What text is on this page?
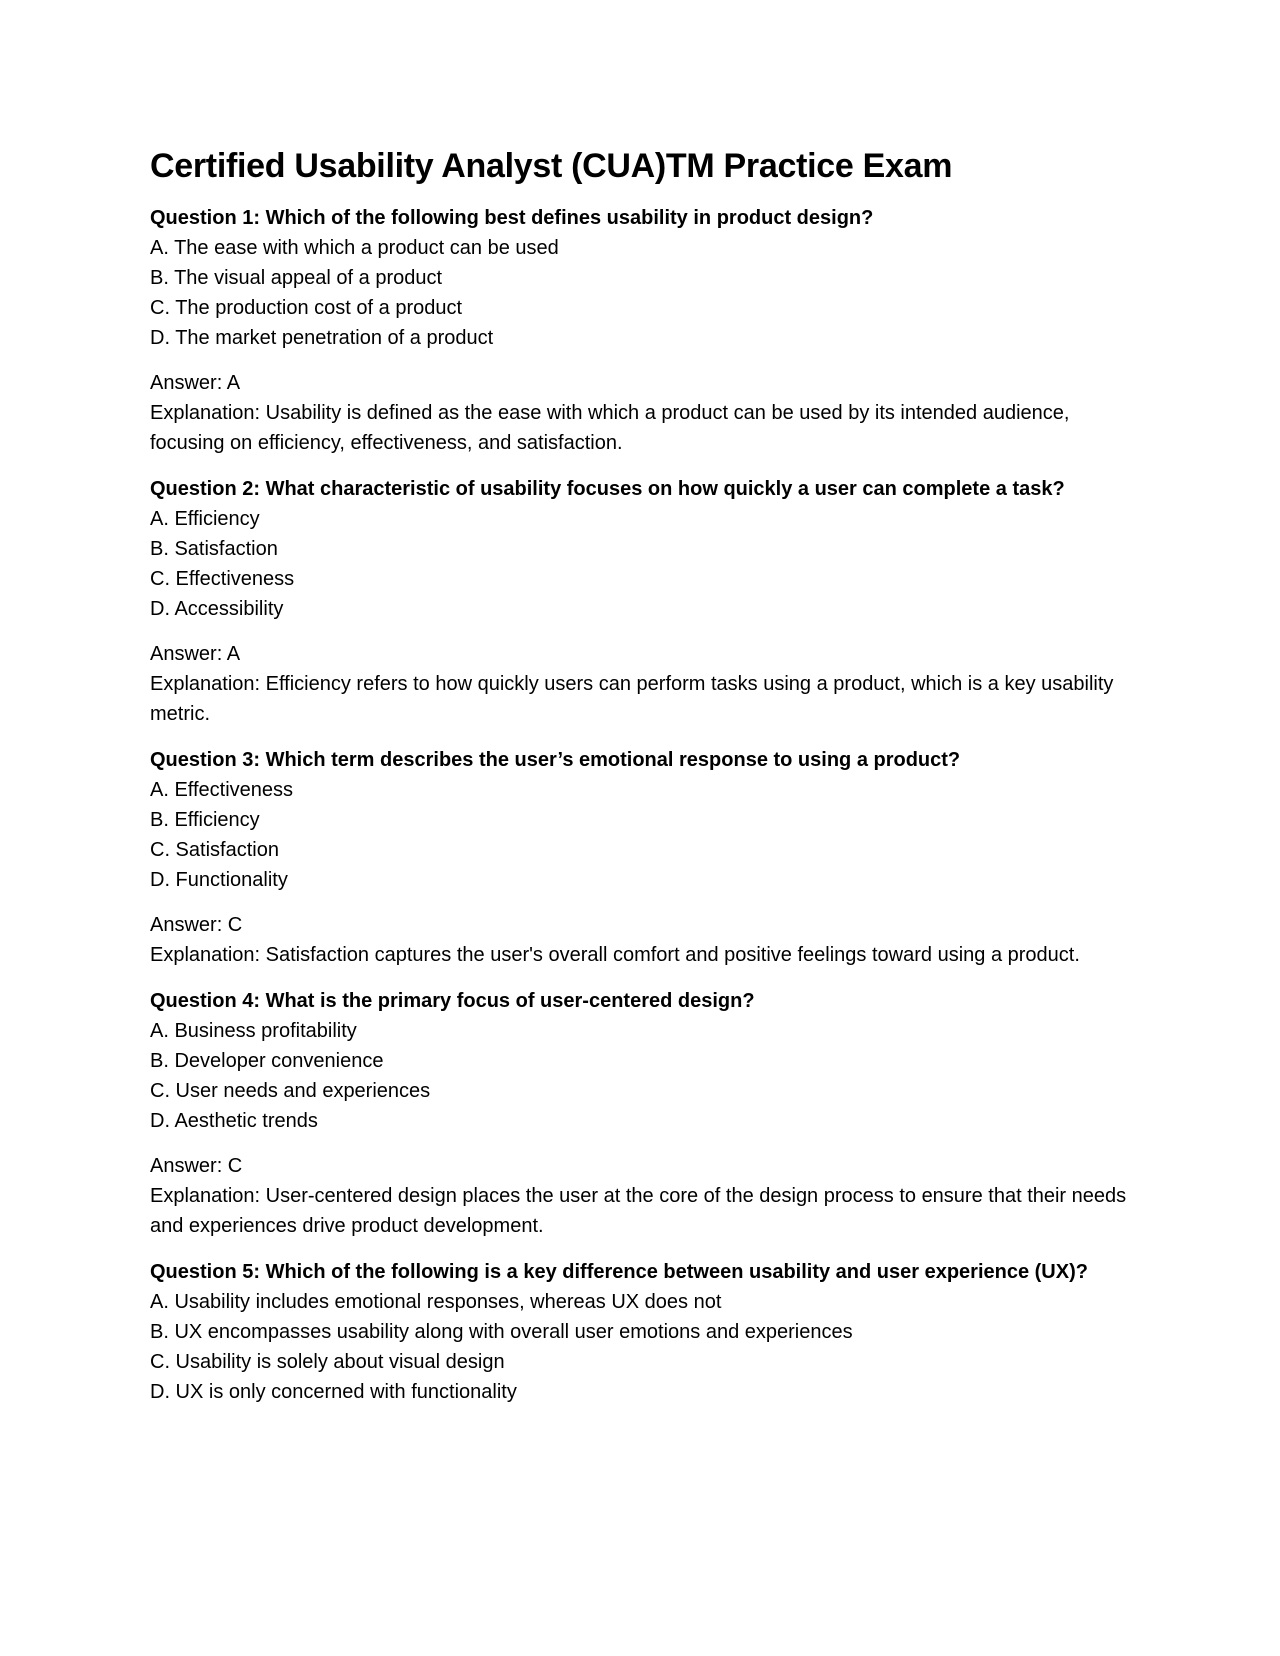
Certified Usability Analyst (CUA)TM Practice Exam

Question 1: Which of the following best defines usability in product design?

A. The ease with which a product can be used

B. The visual appeal of a product

C. The production cost of a product

D. The market penetration of a product

Answer: A

Explanation: Usability is defined as the ease with which a product can be used by its intended audience, focusing on efficiency, effectiveness, and satisfaction.

Question 2: What characteristic of usability focuses on how quickly a user can complete a task?

A. Efficiency

B. Satisfaction

C. Effectiveness

D. Accessibility

Answer: A

Explanation: Efficiency refers to how quickly users can perform tasks using a product, which is a key usability metric.

Question 3: Which term describes the user’s emotional response to using a product?

A. Effectiveness

B. Efficiency

C. Satisfaction

D. Functionality

Answer: C

Explanation: Satisfaction captures the user's overall comfort and positive feelings toward using a product.

Question 4: What is the primary focus of user-centered design?

A. Business profitability

B. Developer convenience

C. User needs and experiences

D. Aesthetic trends

Answer: C

Explanation: User-centered design places the user at the core of the design process to ensure that their needs and experiences drive product development.

Question 5: Which of the following is a key difference between usability and user experience (UX)?

A. Usability includes emotional responses, whereas UX does not

B. UX encompasses usability along with overall user emotions and experiences

C. Usability is solely about visual design

D. UX is only concerned with functionality
